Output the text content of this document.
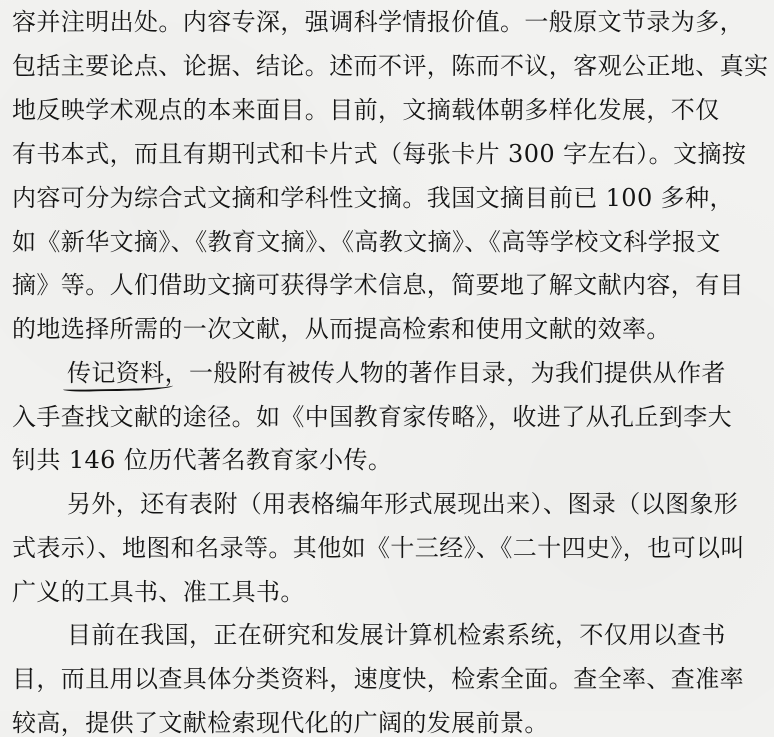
容并注明出处。内容专深，强调科学情报价值。一般原文节录为多，
包括主要论点、论据、结论。述而不评，陈而不议，客观公正地、真实
地反映学术观点的本来面目。目前，文摘载体朝多样化发展，不仅
有书本式，而且有期刊式和卡片式（每张卡片 300 字左右）。文摘按
内容可分为综合式文摘和学科性文摘。我国文摘目前已 100 多种，
如《新华文摘》、《教育文摘》、《高教文摘》、《高等学校文科学报文
摘》等。人们借助文摘可获得学术信息，简要地了解文献内容，有目
的地选择所需的一次文献，从而提高检索和使用文献的效率。
传记资料，一般附有被传人物的著作目录，为我们提供从作者
入手查找文献的途径。如《中国教育家传略》，收进了从孔丘到李大
钊共 146 位历代著名教育家小传。
另外，还有表附（用表格编年形式展现出来）、图录（以图象形
式表示）、地图和名录等。其他如《十三经》、《二十四史》，也可以叫
广义的工具书、准工具书。
目前在我国，正在研究和发展计算机检索系统，不仅用以查书
目，而且用以查具体分类资料，速度快，检索全面。查全率、查准率
较高，提供了文献检索现代化的广阔的发展前景。
